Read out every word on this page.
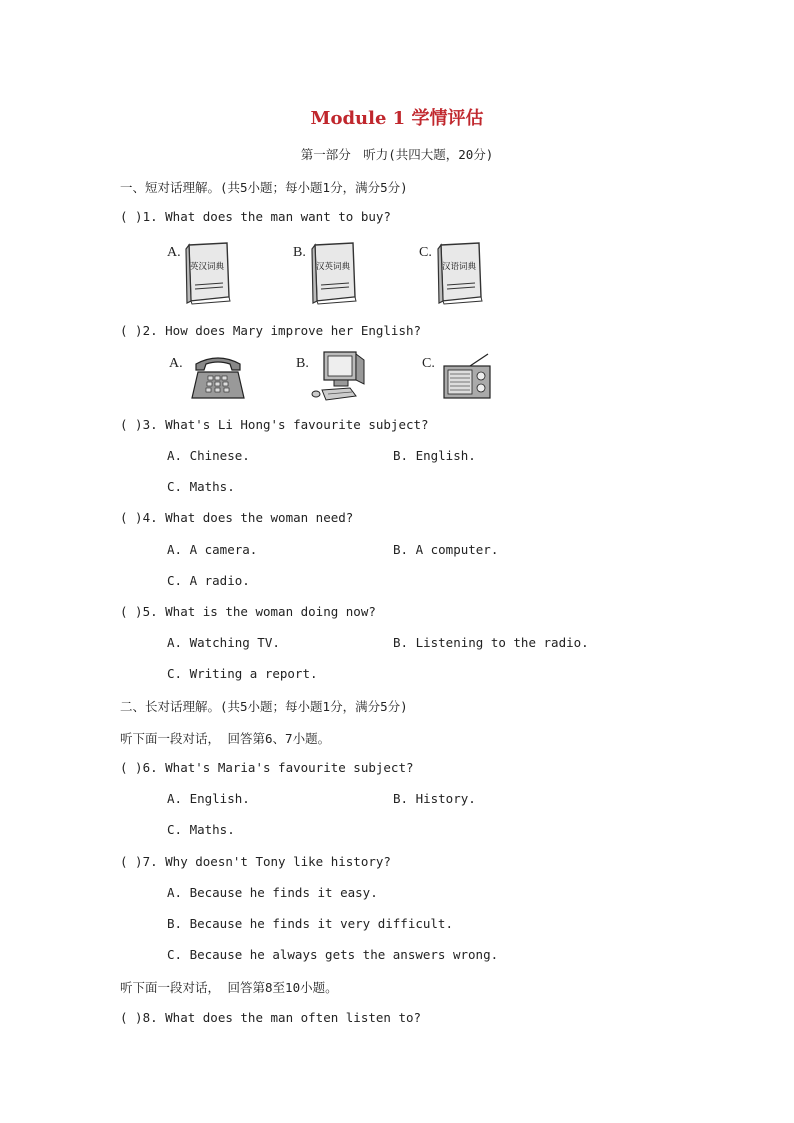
Module 1 学情评估
第一部分　听力(共四大题，20分)
一、短对话理解。(共5小题；每小题1分，满分5分)
( )1. What does the man want to buy?
A.	B.	C.
英汉词典	汉英词典	汉语词典
( )2. How does Mary improve her English?
A.	B.	C.
( )3. What's Li Hong's favourite subject?
A. Chinese.	B. English.
C. Maths.
( )4. What does the woman need?
A. A camera.	B. A computer.
C. A radio.
( )5. What is the woman doing now?
A. Watching TV.	B. Listening to the radio.
C. Writing a report.
二、长对话理解。(共5小题；每小题1分，满分5分)
听下面一段对话， 回答第6、7小题。
( )6. What's Maria's favourite subject?
A. English.	B. History.
C. Maths.
( )7. Why doesn't Tony like history?
A. Because he finds it easy.
B. Because he finds it very difficult.
C. Because he always gets the answers wrong.
听下面一段对话， 回答第8至10小题。
( )8. What does the man often listen to?
